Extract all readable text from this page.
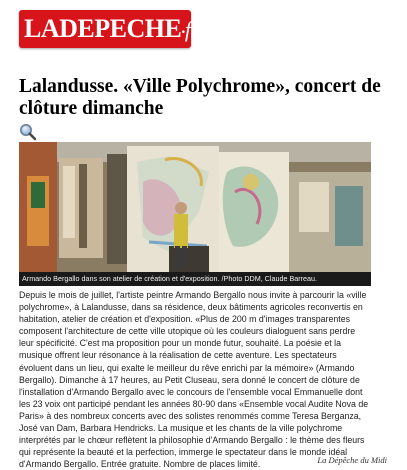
LADEPECHE.fr
Lalandusse. «Ville Polychrome», concert de clôture dimanche
Armando Bergallo dans son atelier de création et d'exposition. /Photo DDM, Claude Barreau.

Depuis le mois de juillet, l'artiste peintre Armando Bergallo nous invite à parcourir la «ville polychrome», à Lalandusse, dans sa résidence, deux bâtiments agricoles reconvertis en habitation, atelier de création et d'exposition. «Plus de 200 m d'images transparentes composent l'architecture de cette ville utopique où les couleurs dialoguent sans perdre leur spécificité. C'est ma proposition pour un monde futur, souhaité. La poésie et la musique offrent leur résonance à la réalisation de cette aventure. Les spectateurs évoluent dans un lieu, qui exalte le meilleur du rêve enrichi par la mémoire» (Armando Bergallo). Dimanche à 17 heures, au Petit Cluseau, sera donné le concert de clôture de l'installation d'Armando Bergallo avec le concours de l'ensemble vocal Emmanuelle dont les 23 voix ont participé pendant les années 80-90 dans «Ensemble vocal Audite Nova de Paris» à des nombreux concerts avec des solistes renommés comme Teresa Berganza, José van Dam, Barbara Hendricks. La musique et les chants de la ville polychrome interprétés par le chœur reflètent la philosophie d'Armando Bergallo : le thème des fleurs qui représente la beauté et la perfection, immerge le spectateur dans le monde idéal d'Armando Bergallo. Entrée gratuite. Nombre de places limité.	La Dépêche du Midi
